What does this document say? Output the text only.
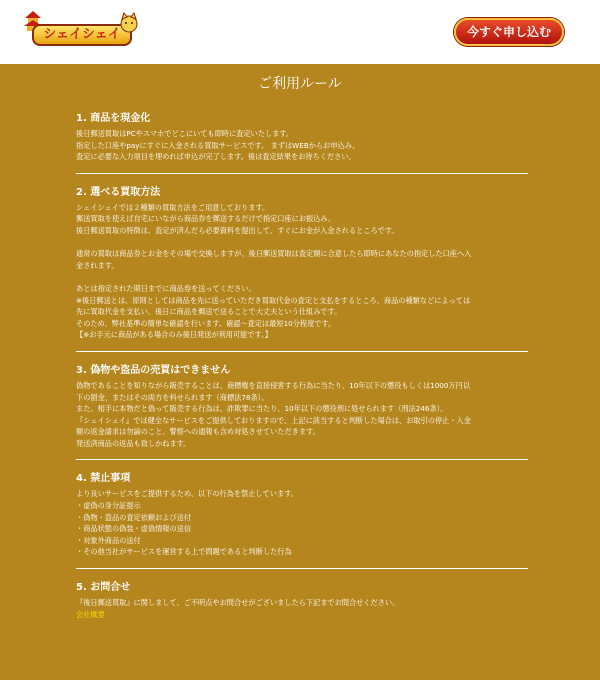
シェイシェイ	今すぐ申し込む
ご利用ルール
1. 商品を現金化
後日郵送買取はPCやスマホでどこにいても即時に査定いたします。
指定した口座やpayにすぐに入金される買取サービスです。 まずはWEBからお申込み。
査定に必要な入力項目を埋めれば申込が完了します。後は査定結果をお待ちください。
2. 選べる買取方法
シェイシェイでは２種類の買取方法をご用意しております。
郵送買取を使えば自宅にいながら商品券を郵送するだけで指定口座にお振込み。
後日郵送買取の特徴は、査定が済んだら必要資料を提出して、すぐにお金が入金されるところです。
通常の買取は商品券とお金をその場で交換しますが、後日郵送買取は査定額に合意したら即時にあなたの指定した口座へ入
金されます。
あとは指定された期日までに商品券を送ってください。
※後日郵送とは、原則としては商品を先に送っていただき買取代金の査定と支払をするところ、商品の種類などによっては
先に買取代金を支払い、後日に商品を郵送で送ることで大丈夫という仕組みです。
そのため、弊社基準の簡単な確認を行います。確認〜査定は最短10分程度です。
【※お手元に商品がある場合のみ後日発送が利用可能です。】
3. 偽物や盗品の売買はできません
偽物であることを知りながら販売することは、商標権を直接侵害する行為に当たり、10年以下の懲役もしくは1000万円以
下の罰金、またはその両方を科せられます（商標法78条）。
また、相手に本物だと偽って販売する行為は、詐欺罪に当たり、10年以下の懲役刑に処せられます（刑法246条）。
『シェイシェイ』では健全なサービスをご提供しておりますので、上記に該当すると判断した場合は、お取引の停止・入金
額の返金請求は勿論のこと、警察への通報も含め対処させていただきます。
発送済商品の返品も致しかねます。
4. 禁止事項
より良いサービスをご提供するため、以下の行為を禁止しています。
・虚偽の身分証提示
・偽物・盗品の査定依頼および送付
・商品状態の偽装・虚偽情報の送信
・対象外商品の送付
・その他当社がサービスを運営する上で問題であると判断した行為
5. お問合せ
『後日郵送買取』に関しまして、ご不明点やお問合せがございましたら下記までお問合せください。
会社概要
